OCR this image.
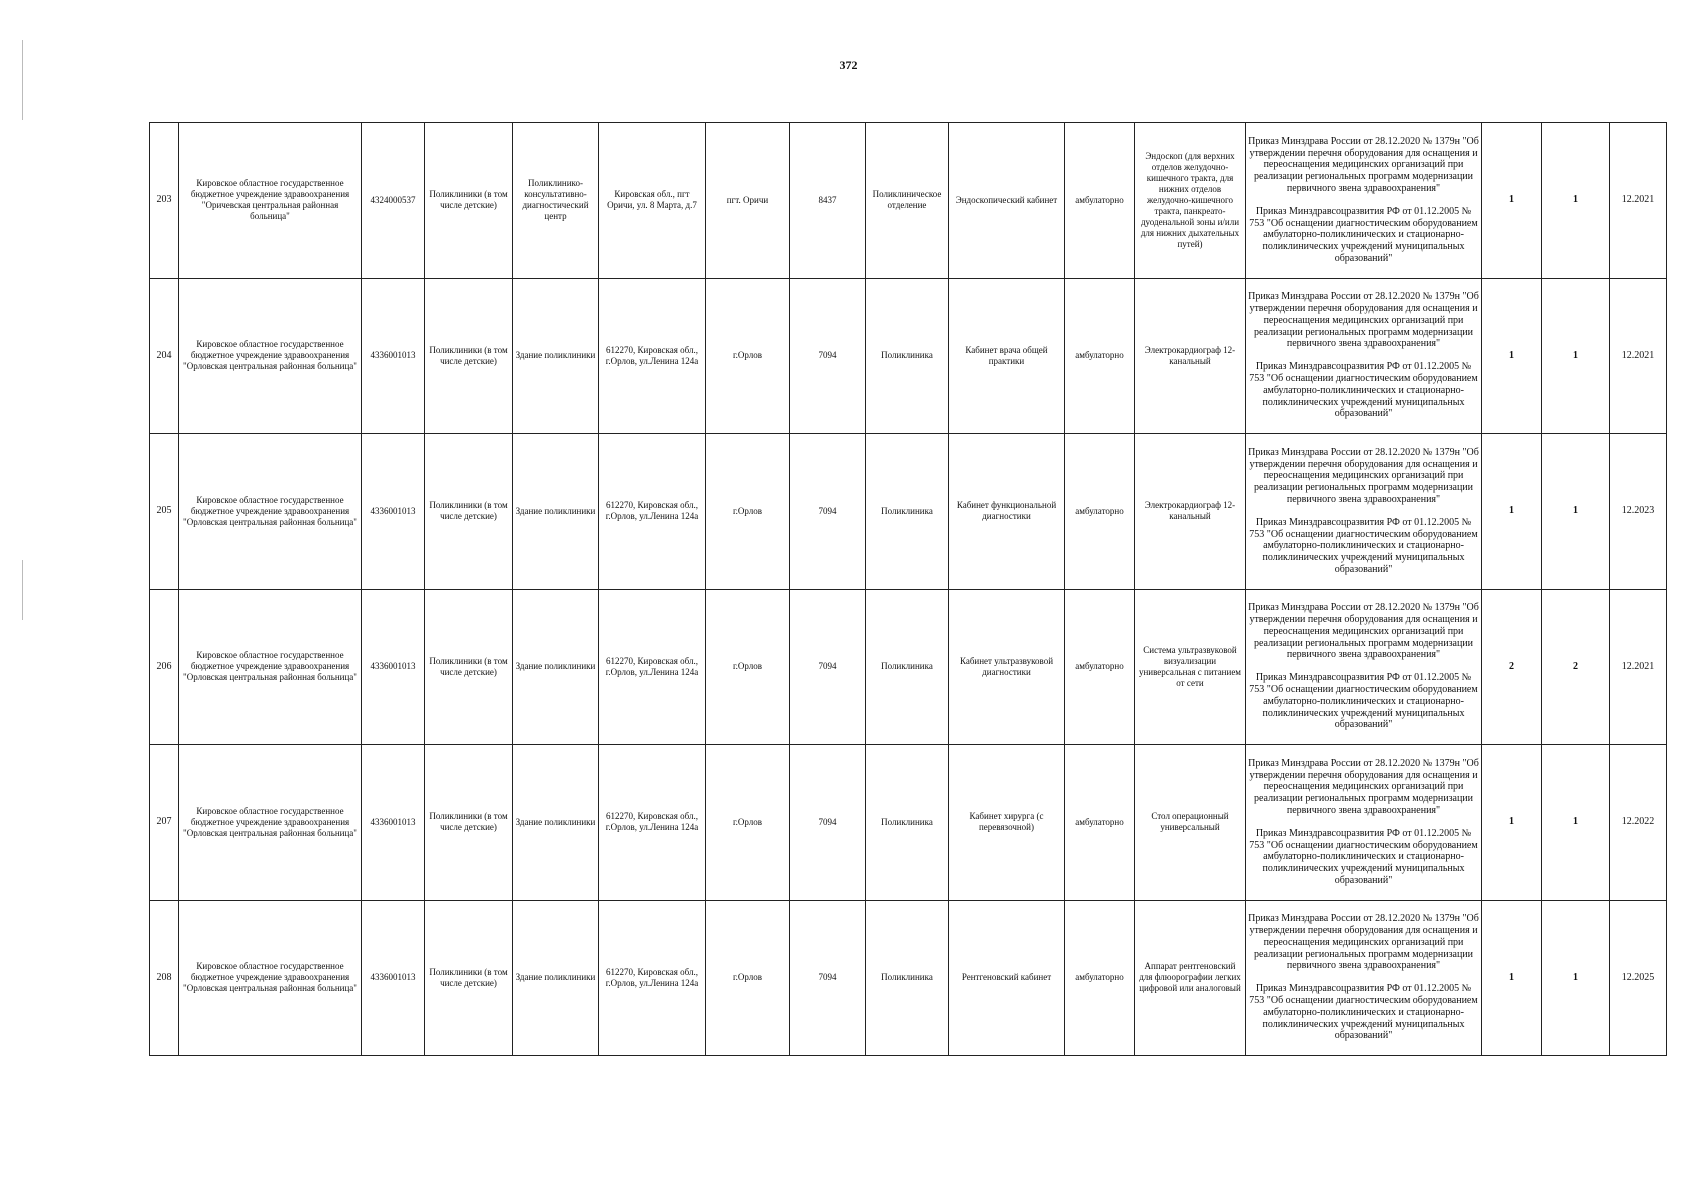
372
203	Кировское областное государственное бюджетное учреждение здравоохранения "Оричевская центральная районная больница"	4324000537	Поликлиники (в том числе детские)	Поликлинико-консультативно-диагностический центр	Кировская обл., пгт Оричи, ул. 8 Марта, д.7	пгт. Оричи	8437	Поликлиническое отделение	Эндоскопический кабинет	амбулаторно	Эндоскоп (для верхних отделов желудочно-кишечного тракта, для нижних отделов желудочно-кишечного тракта, панкреато-дуоденальной зоны и/или для нижних дыхательных путей)	Приказ Минздрава России от 28.12.2020 № 1379н "Об утверждении перечня оборудования для оснащения и переоснащения медицинских организаций при реализации региональных программ модернизации первичного звена здравоохранения"

Приказ Минздравсоцразвития РФ от 01.12.2005 № 753 "Об оснащении диагностическим оборудованием амбулаторно-поликлинических и стационарно-поликлинических учреждений муниципальных образований"	1	1	12.2021
204	Кировское областное государственное бюджетное учреждение здравоохранения "Орловская центральная районная больница"	4336001013	Поликлиники (в том числе детские)	Здание поликлиники	612270, Кировская обл., г.Орлов, ул.Ленина 124а	г.Орлов	7094	Поликлиника	Кабинет врача общей практики	амбулаторно	Электрокардиограф 12-канальный	Приказ Минздрава России от 28.12.2020 № 1379н "Об утверждении перечня оборудования для оснащения и переоснащения медицинских организаций при реализации региональных программ модернизации первичного звена здравоохранения"

Приказ Минздравсоцразвития РФ от 01.12.2005 № 753 "Об оснащении диагностическим оборудованием амбулаторно-поликлинических и стационарно-поликлинических учреждений муниципальных образований"	1	1	12.2021
205	Кировское областное государственное бюджетное учреждение здравоохранения "Орловская центральная районная больница"	4336001013	Поликлиники (в том числе детские)	Здание поликлиники	612270, Кировская обл., г.Орлов, ул.Ленина 124а	г.Орлов	7094	Поликлиника	Кабинет функциональной диагностики	амбулаторно	Электрокардиограф 12-канальный	Приказ Минздрава России от 28.12.2020 № 1379н "Об утверждении перечня оборудования для оснащения и переоснащения медицинских организаций при реализации региональных программ модернизации первичного звена здравоохранения"

Приказ Минздравсоцразвития РФ от 01.12.2005 № 753 "Об оснащении диагностическим оборудованием амбулаторно-поликлинических и стационарно-поликлинических учреждений муниципальных образований"	1	1	12.2023
206	Кировское областное государственное бюджетное учреждение здравоохранения "Орловская центральная районная больница"	4336001013	Поликлиники (в том числе детские)	Здание поликлиники	612270, Кировская обл., г.Орлов, ул.Ленина 124а	г.Орлов	7094	Поликлиника	Кабинет ультразвуковой диагностики	амбулаторно	Система ультразвуковой визуализации универсальная с питанием от сети	Приказ Минздрава России от 28.12.2020 № 1379н "Об утверждении перечня оборудования для оснащения и переоснащения медицинских организаций при реализации региональных программ модернизации первичного звена здравоохранения"

Приказ Минздравсоцразвития РФ от 01.12.2005 № 753 "Об оснащении диагностическим оборудованием амбулаторно-поликлинических и стационарно-поликлинических учреждений муниципальных образований"	2	2	12.2021
207	Кировское областное государственное бюджетное учреждение здравоохранения "Орловская центральная районная больница"	4336001013	Поликлиники (в том числе детские)	Здание поликлиники	612270, Кировская обл., г.Орлов, ул.Ленина 124а	г.Орлов	7094	Поликлиника	Кабинет хирурга (с перевязочной)	амбулаторно	Стол операционный универсальный	Приказ Минздрава России от 28.12.2020 № 1379н "Об утверждении перечня оборудования для оснащения и переоснащения медицинских организаций при реализации региональных программ модернизации первичного звена здравоохранения"

Приказ Минздравсоцразвития РФ от 01.12.2005 № 753 "Об оснащении диагностическим оборудованием амбулаторно-поликлинических и стационарно-поликлинических учреждений муниципальных образований"	1	1	12.2022
208	Кировское областное государственное бюджетное учреждение здравоохранения "Орловская центральная районная больница"	4336001013	Поликлиники (в том числе детские)	Здание поликлиники	612270, Кировская обл., г.Орлов, ул.Ленина 124а	г.Орлов	7094	Поликлиника	Рентгеновский кабинет	амбулаторно	Аппарат рентгеновский для флюорографии легких цифровой или аналоговый	Приказ Минздрава России от 28.12.2020 № 1379н "Об утверждении перечня оборудования для оснащения и переоснащения медицинских организаций при реализации региональных программ модернизации первичного звена здравоохранения"

Приказ Минздравсоцразвития РФ от 01.12.2005 № 753 "Об оснащении диагностическим оборудованием амбулаторно-поликлинических и стационарно-поликлинических учреждений муниципальных образований"	1	1	12.2025
